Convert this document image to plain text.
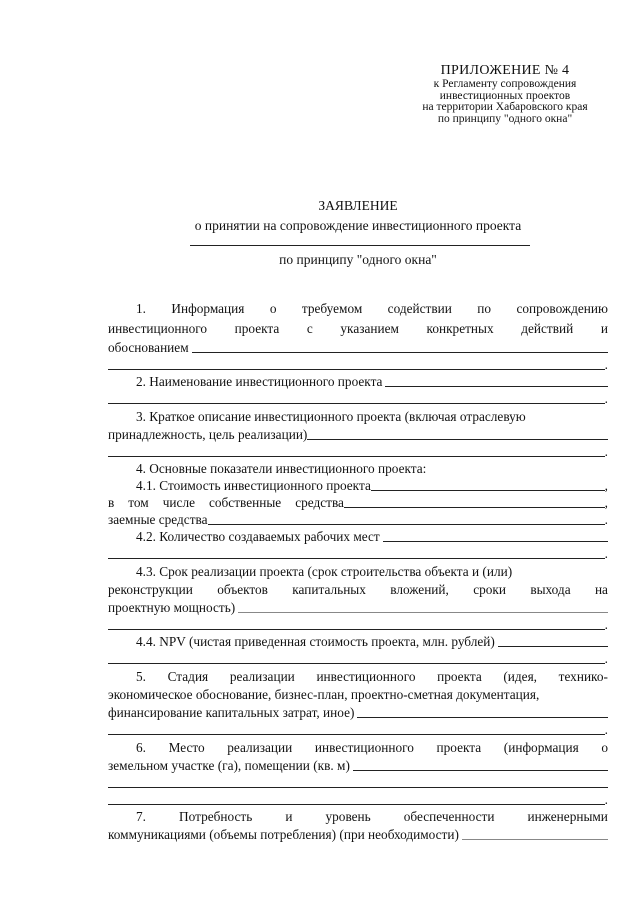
ПРИЛОЖЕНИЕ № 4
к Регламенту сопровождения
инвестиционных проектов
на территории Хабаровского края
по принципу "одного окна"
ЗАЯВЛЕНИЕ
о принятии на сопровождение инвестиционного проекта
по принципу "одного окна"
1. Информация о требуемом содействии по сопровождению
инвестиционного проекта с указанием конкретных действий и
обоснованием
.
2. Наименование инвестиционного проекта
.
3. Краткое описание инвестиционного проекта (включая отраслевую
принадлежность, цель реализации)
.
4. Основные показатели инвестиционного проекта:
4.1. Стоимость инвестиционного проекта	,
в том числе собственные средства	,
заемные средства	.
4.2. Количество создаваемых рабочих мест
.
4.3. Срок реализации проекта (срок строительства объекта и (или)
реконструкции объектов капитальных вложений, сроки выхода на
проектную мощность)
.
4.4. NPV (чистая приведенная стоимость проекта, млн. рублей)
.
5. Стадия реализации инвестиционного проекта (идея, технико-
экономическое обоснование, бизнес-план, проектно-сметная документация,
финансирование капитальных затрат, иное)
.
6. Место реализации инвестиционного проекта (информация о
земельном участке (га), помещении (кв. м)
.
7. Потребность и уровень обеспеченности инженерными
коммуникациями (объемы потребления) (при необходимости)
